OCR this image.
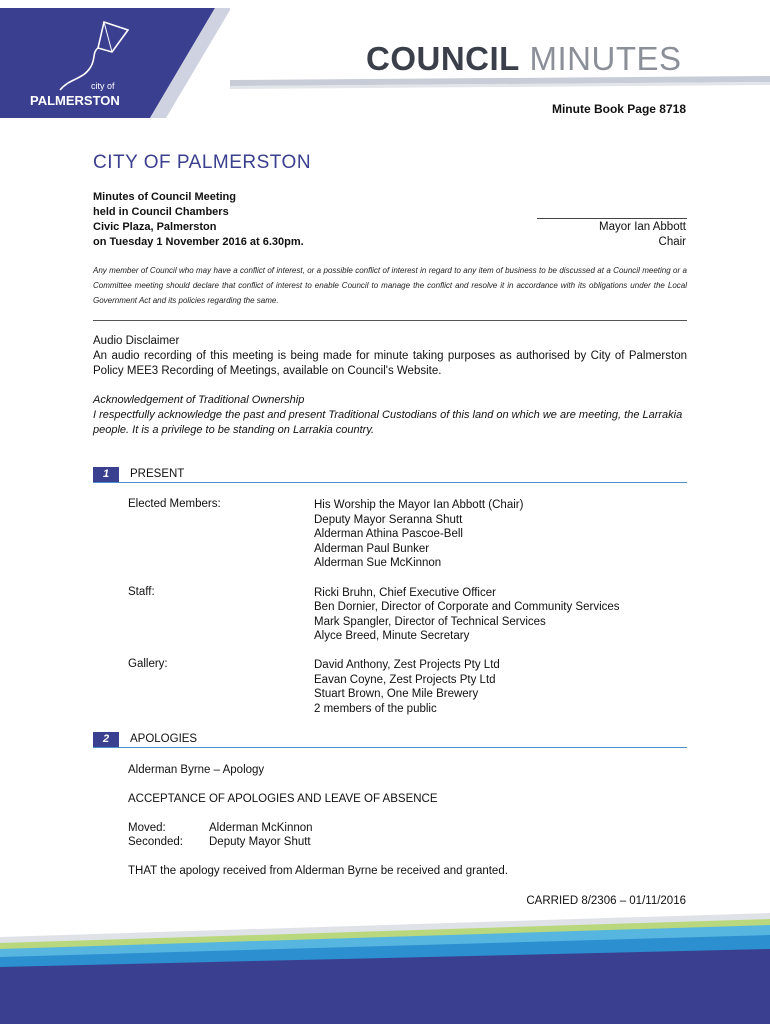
city of
PALMERSTON
COUNCIL MINUTES
Minute Book Page 8718
CITY OF PALMERSTON
Minutes of Council Meeting
held in Council Chambers
Civic Plaza, Palmerston
on Tuesday 1 November 2016 at 6.30pm.
Mayor Ian Abbott
Chair
Any member of Council who may have a conflict of interest, or a possible conflict of interest in regard to any item of business to be discussed at a Council meeting or a Committee meeting should declare that conflict of interest to enable Council to manage the conflict and resolve it in accordance with its obligations under the Local Government Act and its policies regarding the same.
Audio Disclaimer
An audio recording of this meeting is being made for minute taking purposes as authorised by City of Palmerston Policy MEE3 Recording of Meetings, available on Council's Website.
Acknowledgement of Traditional Ownership
I respectfully acknowledge the past and present Traditional Custodians of this land on which we are meeting, the Larrakia people. It is a privilege to be standing on Larrakia country.
1	PRESENT
Elected Members:	His Worship the Mayor Ian Abbott (Chair)
Deputy Mayor Seranna Shutt
Alderman Athina Pascoe-Bell
Alderman Paul Bunker
Alderman Sue McKinnon
Staff:	Ricki Bruhn, Chief Executive Officer
Ben Dornier, Director of Corporate and Community Services
Mark Spangler, Director of Technical Services
Alyce Breed, Minute Secretary
Gallery:	David Anthony, Zest Projects Pty Ltd
Eavan Coyne, Zest Projects Pty Ltd
Stuart Brown, One Mile Brewery
2 members of the public
2	APOLOGIES
Alderman Byrne – Apology
ACCEPTANCE OF APOLOGIES AND LEAVE OF ABSENCE
Moved:	Alderman McKinnon
Seconded: Deputy Mayor Shutt
THAT the apology received from Alderman Byrne be received and granted.
CARRIED 8/2306 – 01/11/2016
